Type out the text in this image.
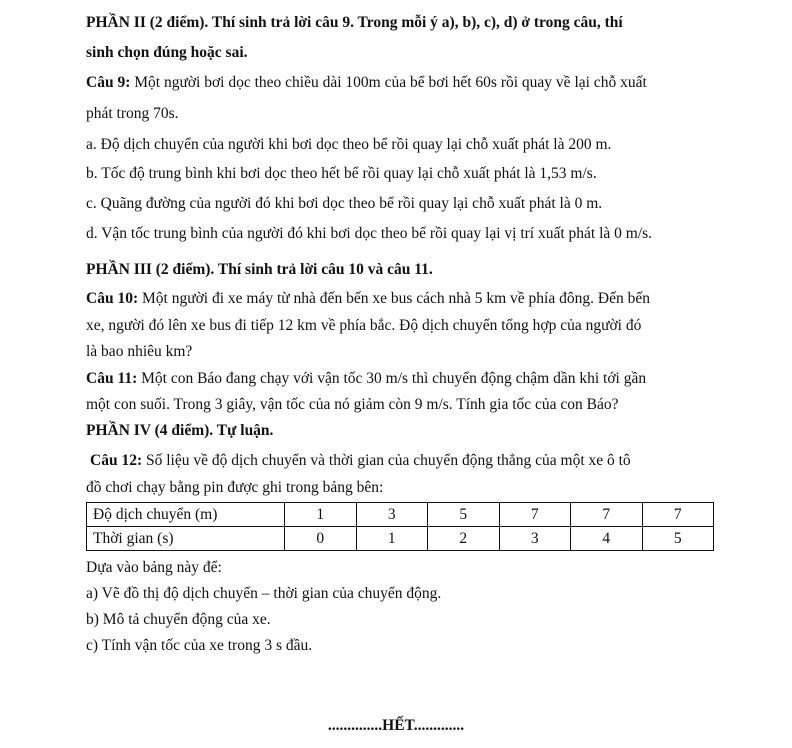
PHẦN II (2 điểm). Thí sinh trả lời câu 9. Trong mỗi ý a), b), c), d) ở trong câu, thí
sinh chọn đúng hoặc sai.
Câu 9: Một người bơi dọc theo chiều dài 100m của bể bơi hết 60s rồi quay về lại chỗ xuất
phát trong 70s.
a. Độ dịch chuyển của người khi bơi dọc theo bể rồi quay lại chỗ xuất phát là 200 m.
b. Tốc độ trung bình khi bơi dọc theo hết bể rồi quay lại chỗ xuất phát là 1,53 m/s.
c. Quãng đường của người đó khi bơi dọc theo bể rồi quay lại chỗ xuất phát là 0 m.
d. Vận tốc trung bình của người đó khi bơi dọc theo bể rồi quay lại vị trí xuất phát là 0 m/s.
PHẦN III (2 điểm). Thí sinh trả lời câu 10 và câu 11.
Câu 10: Một người đi xe máy từ nhà đến bến xe bus cách nhà 5 km về phía đông. Đến bến
xe, người đó lên xe bus đi tiếp 12 km về phía bắc. Độ dịch chuyển tổng hợp của người đó
là bao nhiêu km?
Câu 11: Một con Báo đang chạy với vận tốc 30 m/s thì chuyển động chậm dần khi tới gần
một con suối. Trong 3 giây, vận tốc của nó giảm còn 9 m/s. Tính gia tốc của con Báo?
PHẦN IV (4 điểm). Tự luận.
Câu 12: Số liệu về độ dịch chuyển và thời gian của chuyển động thẳng của một xe ô tô
đồ chơi chạy bằng pin được ghi trong bảng bên:
Độ dịch chuyển (m)	1	3	5	7	7	7
Thời gian (s)	0	1	2	3	4	5
Dựa vào bảng này để:
a) Vẽ đồ thị độ dịch chuyển – thời gian của chuyển động.
b) Mô tả chuyển động của xe.
c) Tính vận tốc của xe trong 3 s đầu.
..............HẾT.............
